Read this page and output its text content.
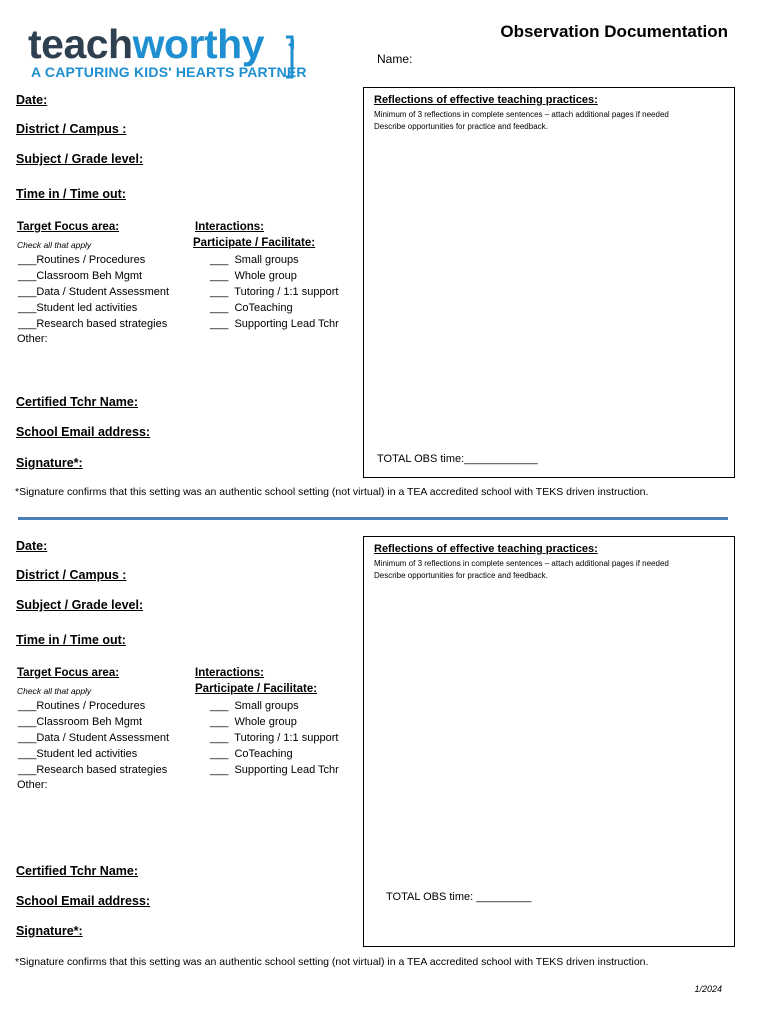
teachworthy
A CAPTURING KIDS' HEARTS PARTNER
Observation Documentation
Name:
Date:
District / Campus :
Subject / Grade level:
Time in / Time out:
Target Focus area:
Check all that apply
___Routines / Procedures
___Classroom Beh Mgmt
___Data / Student Assessment
___Student led activities
___Research based strategies
Other:
Interactions:
Participate / Facilitate:
___  Small groups
___  Whole group
___  Tutoring / 1:1 support
___  CoTeaching
___  Supporting Lead Tchr
Certified Tchr Name:
School Email address:
Signature*:
Reflections of effective teaching practices:
Minimum of 3 reflections in complete sentences – attach additional pages if needed
Describe opportunities for practice and feedback.
TOTAL OBS time:____________
*Signature confirms that this setting was an authentic school setting (not virtual) in a TEA accredited school with TEKS driven instruction.
Date:
District / Campus :
Subject / Grade level:
Time in / Time out:
Target Focus area:
Check all that apply
___Routines / Procedures
___Classroom Beh Mgmt
___Data / Student Assessment
___Student led activities
___Research based strategies
Other:
Interactions:
Participate / Facilitate:
___  Small groups
___  Whole group
___  Tutoring / 1:1 support
___  CoTeaching
___  Supporting Lead Tchr
Certified Tchr Name:
School Email address:
Signature*:
Reflections of effective teaching practices:
Minimum of 3 reflections in complete sentences – attach additional pages if needed
Describe opportunities for practice and feedback.
TOTAL OBS time: _________
*Signature confirms that this setting was an authentic school setting (not virtual) in a TEA accredited school with TEKS driven instruction.
1/2024
